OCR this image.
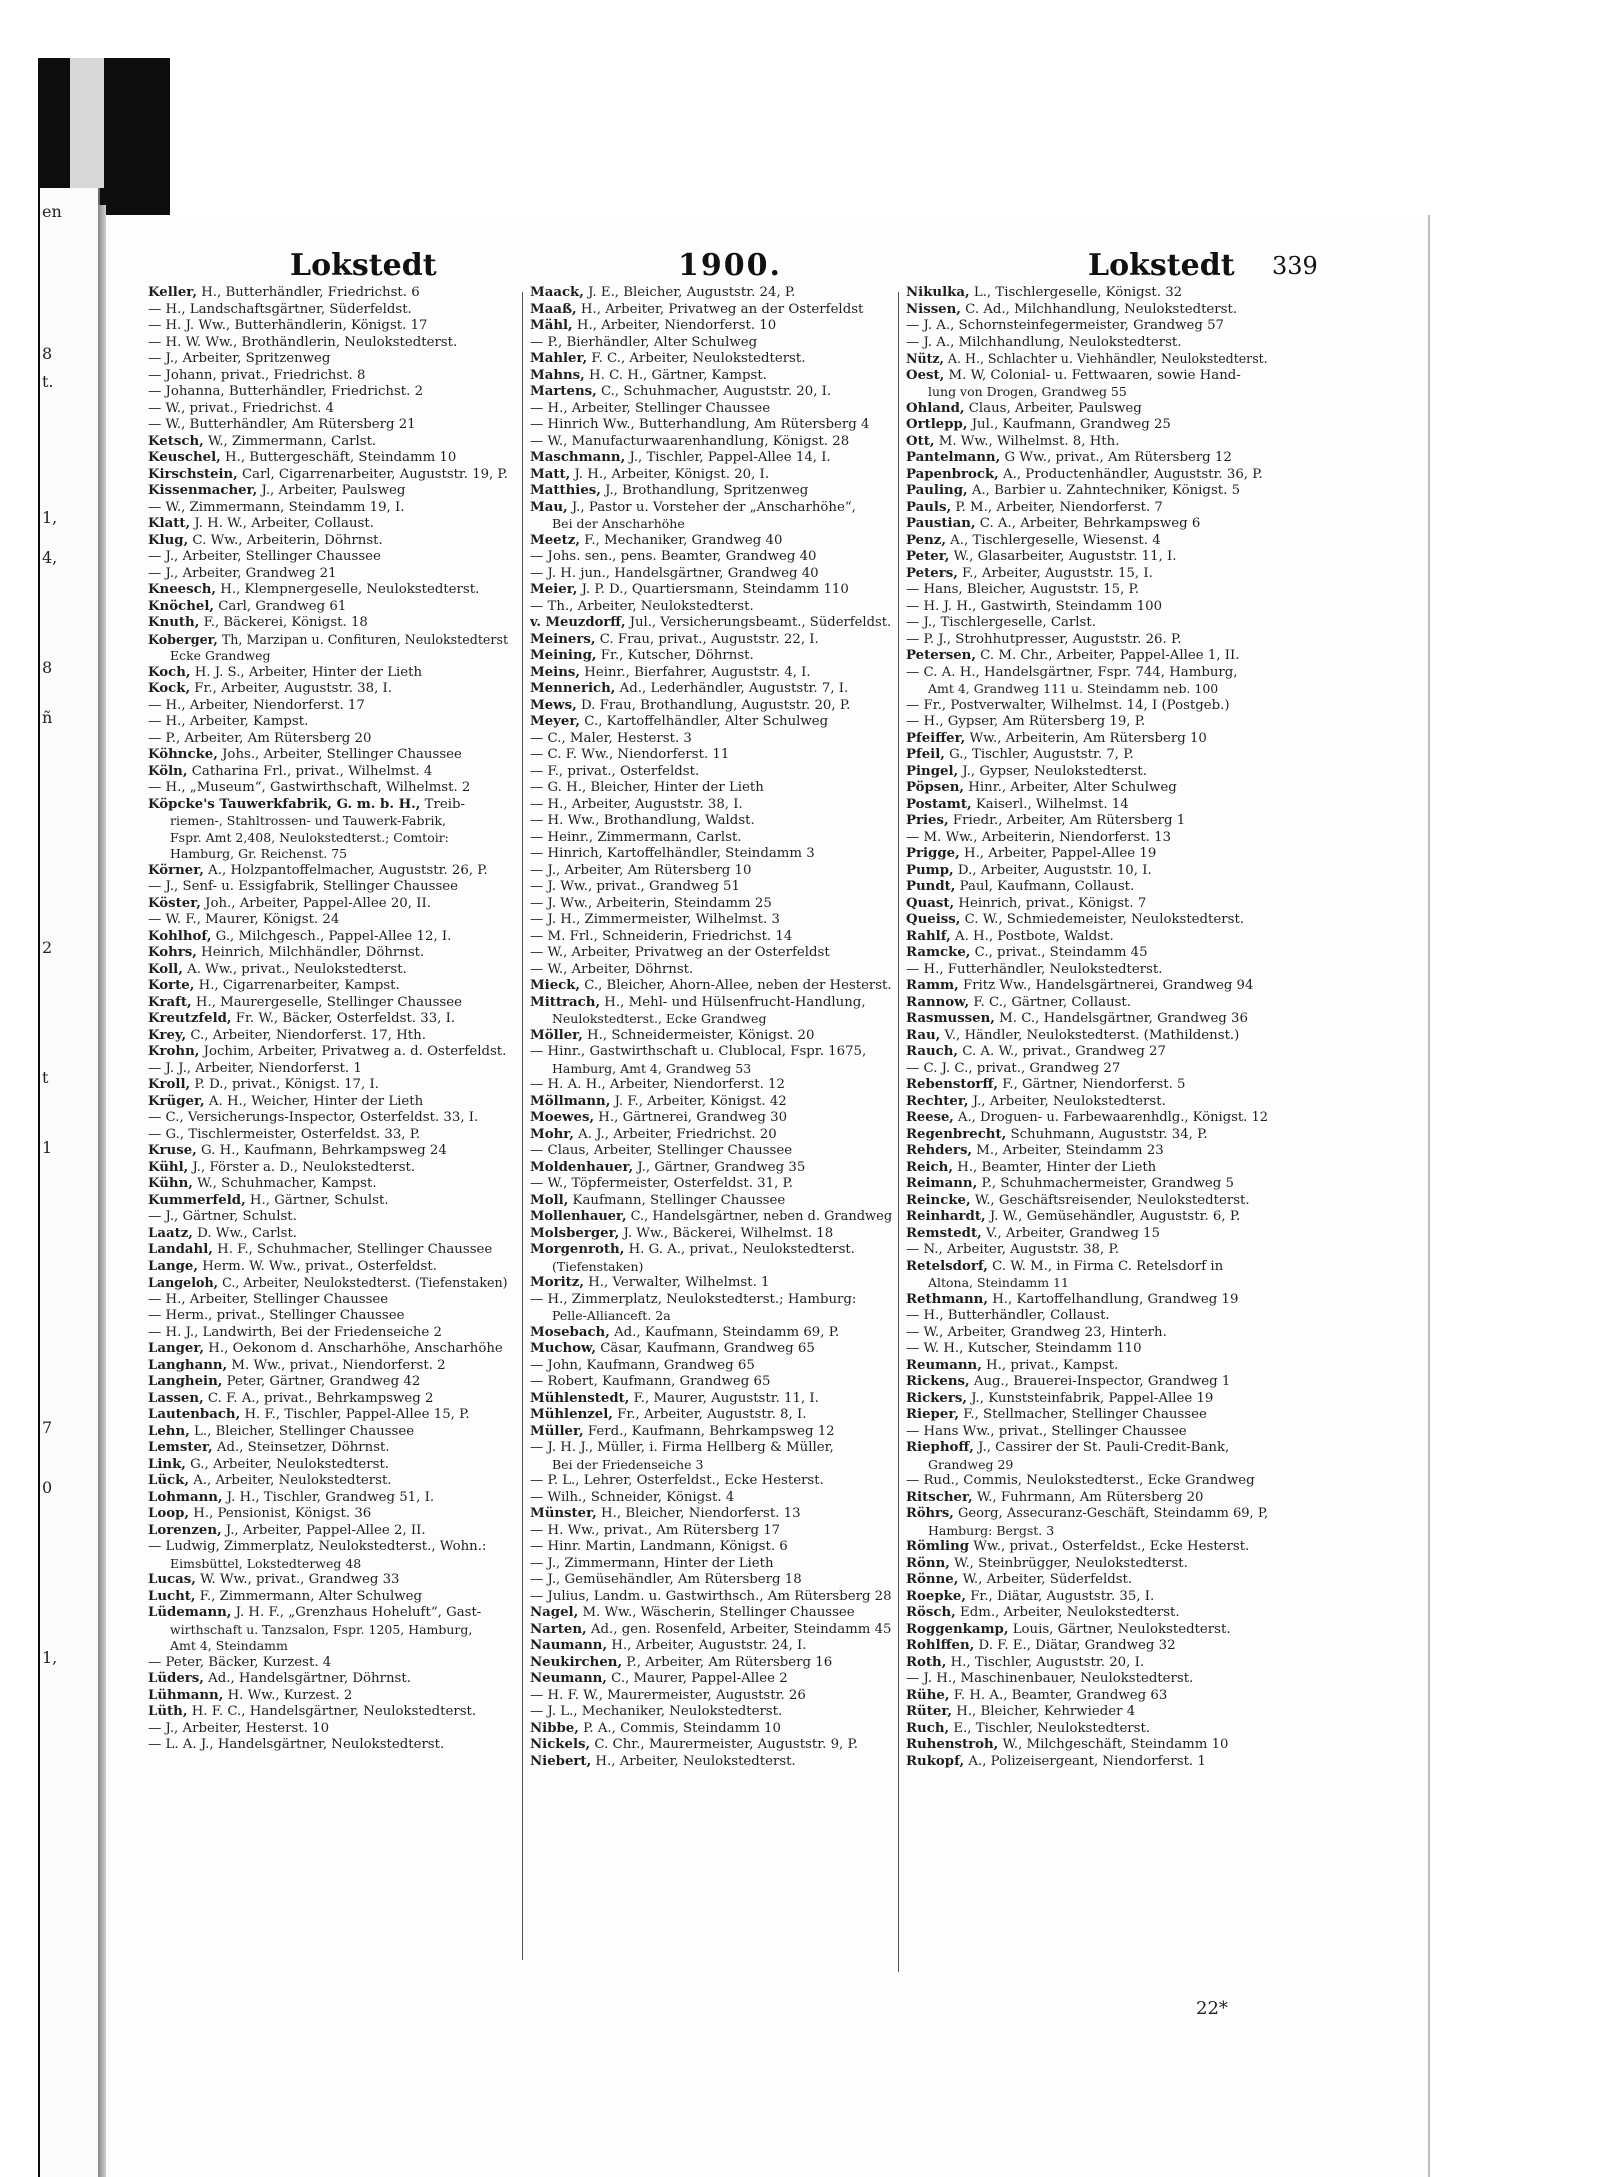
en
8
t.
1,
4,
8
ñ
2
t
1
7
0
1,
Lokstedt	1900.	Lokstedt 339
Keller, H., Butterhändler, Friedrichst. 6
— H., Landschaftsgärtner, Süderfeldst.
— H. J. Ww., Butterhändlerin, Königst. 17
— H. W. Ww., Brothändlerin, Neulokstedterst.
— J., Arbeiter, Spritzenweg
— Johann, privat., Friedrichst. 8
— Johanna, Butterhändler, Friedrichst. 2
— W., privat., Friedrichst. 4
— W., Butterhändler, Am Rütersberg 21
Ketsch, W., Zimmermann, Carlst.
Keuschel, H., Buttergeschäft, Steindamm 10
Kirschstein, Carl, Cigarrenarbeiter, Auguststr. 19, P.
Kissenmacher, J., Arbeiter, Paulsweg
— W., Zimmermann, Steindamm 19, I.
Klatt, J. H. W., Arbeiter, Collaust.
Klug, C. Ww., Arbeiterin, Döhrnst.
— J., Arbeiter, Stellinger Chaussee
— J., Arbeiter, Grandweg 21
Kneesch, H., Klempnergeselle, Neulokstedterst.
Knöchel, Carl, Grandweg 61
Knuth, F., Bäckerei, Königst. 18
Koberger, Th, Marzipan u. Confituren, Neulokstedterst
Ecke Grandweg
Koch, H. J. S., Arbeiter, Hinter der Lieth
Kock, Fr., Arbeiter, Auguststr. 38, I.
— H., Arbeiter, Niendorferst. 17
— H., Arbeiter, Kampst.
— P., Arbeiter, Am Rütersberg 20
Köhncke, Johs., Arbeiter, Stellinger Chaussee
Köln, Catharina Frl., privat., Wilhelmst. 4
— H., „Museum“, Gastwirthschaft, Wilhelmst. 2
Köpcke's Tauwerkfabrik, G. m. b. H., Treib-
riemen-, Stahltrossen- und Tauwerk-Fabrik,
Fspr. Amt 2,408, Neulokstedterst.; Comtoir:
Hamburg, Gr. Reichenst. 75
Körner, A., Holzpantoffelmacher, Auguststr. 26, P.
— J., Senf- u. Essigfabrik, Stellinger Chaussee
Köster, Joh., Arbeiter, Pappel-Allee 20, II.
— W. F., Maurer, Königst. 24
Kohlhof, G., Milchgesch., Pappel-Allee 12, I.
Kohrs, Heinrich, Milchhändler, Döhrnst.
Koll, A. Ww., privat., Neulokstedterst.
Korte, H., Cigarrenarbeiter, Kampst.
Kraft, H., Maurergeselle, Stellinger Chaussee
Kreutzfeld, Fr. W., Bäcker, Osterfeldst. 33, I.
Krey, C., Arbeiter, Niendorferst. 17, Hth.
Krohn, Jochim, Arbeiter, Privatweg a. d. Osterfeldst.
— J. J., Arbeiter, Niendorferst. 1
Kroll, P. D., privat., Königst. 17, I.
Krüger, A. H., Weicher, Hinter der Lieth
— C., Versicherungs-Inspector, Osterfeldst. 33, I.
— G., Tischlermeister, Osterfeldst. 33, P.
Kruse, G. H., Kaufmann, Behrkampsweg 24
Kühl, J., Förster a. D., Neulokstedterst.
Kühn, W., Schuhmacher, Kampst.
Kummerfeld, H., Gärtner, Schulst.
— J., Gärtner, Schulst.
Laatz, D. Ww., Carlst.
Landahl, H. F., Schuhmacher, Stellinger Chaussee
Lange, Herm. W. Ww., privat., Osterfeldst.
Langeloh, C., Arbeiter, Neulokstedterst. (Tiefenstaken)
— H., Arbeiter, Stellinger Chaussee
— Herm., privat., Stellinger Chaussee
— H. J., Landwirth, Bei der Friedenseiche 2
Langer, H., Oekonom d. Anscharhöhe, Anscharhöhe
Langhann, M. Ww., privat., Niendorferst. 2
Langhein, Peter, Gärtner, Grandweg 42
Lassen, C. F. A., privat., Behrkampsweg 2
Lautenbach, H. F., Tischler, Pappel-Allee 15, P.
Lehn, L., Bleicher, Stellinger Chaussee
Lemster, Ad., Steinsetzer, Döhrnst.
Link, G., Arbeiter, Neulokstedterst.
Lück, A., Arbeiter, Neulokstedterst.
Lohmann, J. H., Tischler, Grandweg 51, I.
Loop, H., Pensionist, Königst. 36
Lorenzen, J., Arbeiter, Pappel-Allee 2, II.
— Ludwig, Zimmerplatz, Neulokstedterst., Wohn.:
Eimsbüttel, Lokstedterweg 48
Lucas, W. Ww., privat., Grandweg 33
Lucht, F., Zimmermann, Alter Schulweg
Lüdemann, J. H. F., „Grenzhaus Hoheluft“, Gast-
wirthschaft u. Tanzsalon, Fspr. 1205, Hamburg,
Amt 4, Steindamm
— Peter, Bäcker, Kurzest. 4
Lüders, Ad., Handelsgärtner, Döhrnst.
Lühmann, H. Ww., Kurzest. 2
Lüth, H. F. C., Handelsgärtner, Neulokstedterst.
— J., Arbeiter, Hesterst. 10
— L. A. J., Handelsgärtner, Neulokstedterst.
Maack, J. E., Bleicher, Auguststr. 24, P.
Maaß, H., Arbeiter, Privatweg an der Osterfeldst
Mähl, H., Arbeiter, Niendorferst. 10
— P., Bierhändler, Alter Schulweg
Mahler, F. C., Arbeiter, Neulokstedterst.
Mahns, H. C. H., Gärtner, Kampst.
Martens, C., Schuhmacher, Auguststr. 20, I.
— H., Arbeiter, Stellinger Chaussee
— Hinrich Ww., Butterhandlung, Am Rütersberg 4
— W., Manufacturwaarenhandlung, Königst. 28
Maschmann, J., Tischler, Pappel-Allee 14, I.
Matt, J. H., Arbeiter, Königst. 20, I.
Matthies, J., Brothandlung, Spritzenweg
Mau, J., Pastor u. Vorsteher der „Anscharhöhe“,
Bei der Anscharhöhe
Meetz, F., Mechaniker, Grandweg 40
— Johs. sen., pens. Beamter, Grandweg 40
— J. H. jun., Handelsgärtner, Grandweg 40
Meier, J. P. D., Quartiersmann, Steindamm 110
— Th., Arbeiter, Neulokstedterst.
v. Meuzdorff, Jul., Versicherungsbeamt., Süderfeldst.
Meiners, C. Frau, privat., Auguststr. 22, I.
Meining, Fr., Kutscher, Döhrnst.
Meins, Heinr., Bierfahrer, Auguststr. 4, I.
Mennerich, Ad., Lederhändler, Auguststr. 7, I.
Mews, D. Frau, Brothandlung, Auguststr. 20, P.
Meyer, C., Kartoffelhändler, Alter Schulweg
— C., Maler, Hesterst. 3
— C. F. Ww., Niendorferst. 11
— F., privat., Osterfeldst.
— G. H., Bleicher, Hinter der Lieth
— H., Arbeiter, Auguststr. 38, I.
— H. Ww., Brothandlung, Waldst.
— Heinr., Zimmermann, Carlst.
— Hinrich, Kartoffelhändler, Steindamm 3
— J., Arbeiter, Am Rütersberg 10
— J. Ww., privat., Grandweg 51
— J. Ww., Arbeiterin, Steindamm 25
— J. H., Zimmermeister, Wilhelmst. 3
— M. Frl., Schneiderin, Friedrichst. 14
— W., Arbeiter, Privatweg an der Osterfeldst
— W., Arbeiter, Döhrnst.
Mieck, C., Bleicher, Ahorn-Allee, neben der Hesterst.
Mittrach, H., Mehl- und Hülsenfrucht-Handlung,
Neulokstedterst., Ecke Grandweg
Möller, H., Schneidermeister, Königst. 20
— Hinr., Gastwirthschaft u. Clublocal, Fspr. 1675,
Hamburg, Amt 4, Grandweg 53
— H. A. H., Arbeiter, Niendorferst. 12
Möllmann, J. F., Arbeiter, Königst. 42
Moewes, H., Gärtnerei, Grandweg 30
Mohr, A. J., Arbeiter, Friedrichst. 20
— Claus, Arbeiter, Stellinger Chaussee
Moldenhauer, J., Gärtner, Grandweg 35
— W., Töpfermeister, Osterfeldst. 31, P.
Moll, Kaufmann, Stellinger Chaussee
Mollenhauer, C., Handelsgärtner, neben d. Grandweg
Molsberger, J. Ww., Bäckerei, Wilhelmst. 18
Morgenroth, H. G. A., privat., Neulokstedterst.
(Tiefenstaken)
Moritz, H., Verwalter, Wilhelmst. 1
— H., Zimmerplatz, Neulokstedterst.; Hamburg:
Pelle-Allianceft. 2a
Mosebach, Ad., Kaufmann, Steindamm 69, P.
Muchow, Cäsar, Kaufmann, Grandweg 65
— John, Kaufmann, Grandweg 65
— Robert, Kaufmann, Grandweg 65
Mühlenstedt, F., Maurer, Auguststr. 11, I.
Mühlenzel, Fr., Arbeiter, Auguststr. 8, I.
Müller, Ferd., Kaufmann, Behrkampsweg 12
— J. H. J., Müller, i. Firma Hellberg & Müller,
Bei der Friedenseiche 3
— P. L., Lehrer, Osterfeldst., Ecke Hesterst.
— Wilh., Schneider, Königst. 4
Münster, H., Bleicher, Niendorferst. 13
— H. Ww., privat., Am Rütersberg 17
— Hinr. Martin, Landmann, Königst. 6
— J., Zimmermann, Hinter der Lieth
— J., Gemüsehändler, Am Rütersberg 18
— Julius, Landm. u. Gastwirthsch., Am Rütersberg 28
Nagel, M. Ww., Wäscherin, Stellinger Chaussee
Narten, Ad., gen. Rosenfeld, Arbeiter, Steindamm 45
Naumann, H., Arbeiter, Auguststr. 24, I.
Neukirchen, P., Arbeiter, Am Rütersberg 16
Neumann, C., Maurer, Pappel-Allee 2
— H. F. W., Maurermeister, Auguststr. 26
— J. L., Mechaniker, Neulokstedterst.
Nibbe, P. A., Commis, Steindamm 10
Nickels, C. Chr., Maurermeister, Auguststr. 9, P.
Niebert, H., Arbeiter, Neulokstedterst.
Nikulka, L., Tischlergeselle, Königst. 32
Nissen, C. Ad., Milchhandlung, Neulokstedterst.
— J. A., Schornsteinfegermeister, Grandweg 57
— J. A., Milchhandlung, Neulokstedterst.
Nütz, A. H., Schlachter u. Viehhändler, Neulokstedterst.
Oest, M. W, Colonial- u. Fettwaaren, sowie Hand-
lung von Drogen, Grandweg 55
Ohland, Claus, Arbeiter, Paulsweg
Ortlepp, Jul., Kaufmann, Grandweg 25
Ott, M. Ww., Wilhelmst. 8, Hth.
Pantelmann, G Ww., privat., Am Rütersberg 12
Papenbrock, A., Productenhändler, Auguststr. 36, P.
Pauling, A., Barbier u. Zahntechniker, Königst. 5
Pauls, P. M., Arbeiter, Niendorferst. 7
Paustian, C. A., Arbeiter, Behrkampsweg 6
Penz, A., Tischlergeselle, Wiesenst. 4
Peter, W., Glasarbeiter, Auguststr. 11, I.
Peters, F., Arbeiter, Auguststr. 15, I.
— Hans, Bleicher, Auguststr. 15, P.
— H. J. H., Gastwirth, Steindamm 100
— J., Tischlergeselle, Carlst.
— P. J., Strohhutpresser, Auguststr. 26. P.
Petersen, C. M. Chr., Arbeiter, Pappel-Allee 1, II.
— C. A. H., Handelsgärtner, Fspr. 744, Hamburg,
Amt 4, Grandweg 111 u. Steindamm neb. 100
— Fr., Postverwalter, Wilhelmst. 14, I (Postgeb.)
— H., Gypser, Am Rütersberg 19, P.
Pfeiffer, Ww., Arbeiterin, Am Rütersberg 10
Pfeil, G., Tischler, Auguststr. 7, P.
Pingel, J., Gypser, Neulokstedterst.
Pöpsen, Hinr., Arbeiter, Alter Schulweg
Postamt, Kaiserl., Wilhelmst. 14
Pries, Friedr., Arbeiter, Am Rütersberg 1
— M. Ww., Arbeiterin, Niendorferst. 13
Prigge, H., Arbeiter, Pappel-Allee 19
Pump, D., Arbeiter, Auguststr. 10, I.
Pundt, Paul, Kaufmann, Collaust.
Quast, Heinrich, privat., Königst. 7
Queiss, C. W., Schmiedemeister, Neulokstedterst.
Rahlf, A. H., Postbote, Waldst.
Ramcke, C., privat., Steindamm 45
— H., Futterhändler, Neulokstedterst.
Ramm, Fritz Ww., Handelsgärtnerei, Grandweg 94
Rannow, F. C., Gärtner, Collaust.
Rasmussen, M. C., Handelsgärtner, Grandweg 36
Rau, V., Händler, Neulokstedterst. (Mathildenst.)
Rauch, C. A. W., privat., Grandweg 27
— C. J. C., privat., Grandweg 27
Rebenstorff, F., Gärtner, Niendorferst. 5
Rechter, J., Arbeiter, Neulokstedterst.
Reese, A., Droguen- u. Farbewaarenhdlg., Königst. 12
Regenbrecht, Schuhmann, Auguststr. 34, P.
Rehders, M., Arbeiter, Steindamm 23
Reich, H., Beamter, Hinter der Lieth
Reimann, P., Schuhmachermeister, Grandweg 5
Reincke, W., Geschäftsreisender, Neulokstedterst.
Reinhardt, J. W., Gemüsehändler, Auguststr. 6, P.
Remstedt, V., Arbeiter, Grandweg 15
— N., Arbeiter, Auguststr. 38, P.
Retelsdorf, C. W. M., in Firma C. Retelsdorf in
Altona, Steindamm 11
Rethmann, H., Kartoffelhandlung, Grandweg 19
— H., Butterhändler, Collaust.
— W., Arbeiter, Grandweg 23, Hinterh.
— W. H., Kutscher, Steindamm 110
Reumann, H., privat., Kampst.
Rickens, Aug., Brauerei-Inspector, Grandweg 1
Rickers, J., Kunststeinfabrik, Pappel-Allee 19
Rieper, F., Stellmacher, Stellinger Chaussee
— Hans Ww., privat., Stellinger Chaussee
Riephoff, J., Cassirer der St. Pauli-Credit-Bank,
Grandweg 29
— Rud., Commis, Neulokstedterst., Ecke Grandweg
Ritscher, W., Fuhrmann, Am Rütersberg 20
Röhrs, Georg, Assecuranz-Geschäft, Steindamm 69, P,
Hamburg: Bergst. 3
Römling Ww., privat., Osterfeldst., Ecke Hesterst.
Rönn, W., Steinbrügger, Neulokstedterst.
Rönne, W., Arbeiter, Süderfeldst.
Roepke, Fr., Diätar, Auguststr. 35, I.
Rösch, Edm., Arbeiter, Neulokstedterst.
Roggenkamp, Louis, Gärtner, Neulokstedterst.
Rohlffen, D. F. E., Diätar, Grandweg 32
Roth, H., Tischler, Auguststr. 20, I.
— J. H., Maschinenbauer, Neulokstedterst.
Rühe, F. H. A., Beamter, Grandweg 63
Rüter, H., Bleicher, Kehrwieder 4
Ruch, E., Tischler, Neulokstedterst.
Ruhenstroh, W., Milchgeschäft, Steindamm 10
Rukopf, A., Polizeisergeant, Niendorferst. 1
22*
